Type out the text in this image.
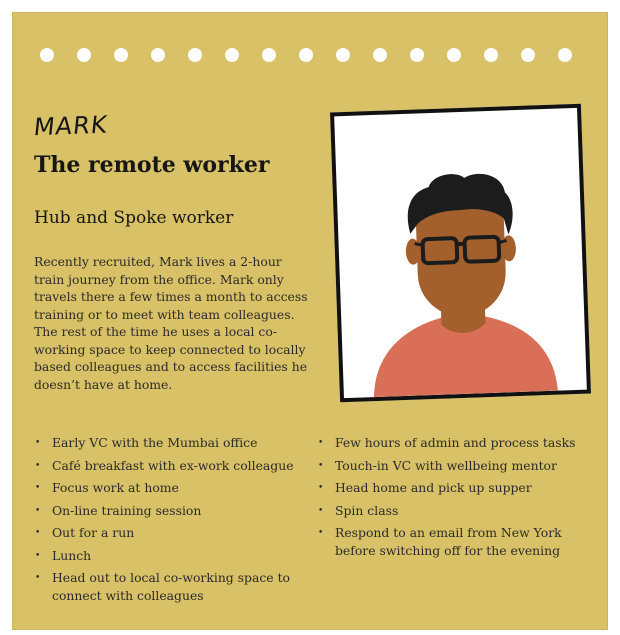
MARK
The remote worker
Hub and Spoke worker

Recently recruited, Mark lives a 2-hour train journey from the office. Mark only travels there a few times a month to access training or to meet with team colleagues. The rest of the time he uses a local co-working space to keep connected to locally based colleagues and to access facilities he doesn’t have at home.

• Early VC with the Mumbai office
• Café breakfast with ex-work colleague
• Focus work at home
• On-line training session
• Out for a run
• Lunch
• Head out to local co-working space to connect with colleagues
• Few hours of admin and process tasks
• Touch-in VC with wellbeing mentor
• Head home and pick up supper
• Spin class
• Respond to an email from New York before switching off for the evening
